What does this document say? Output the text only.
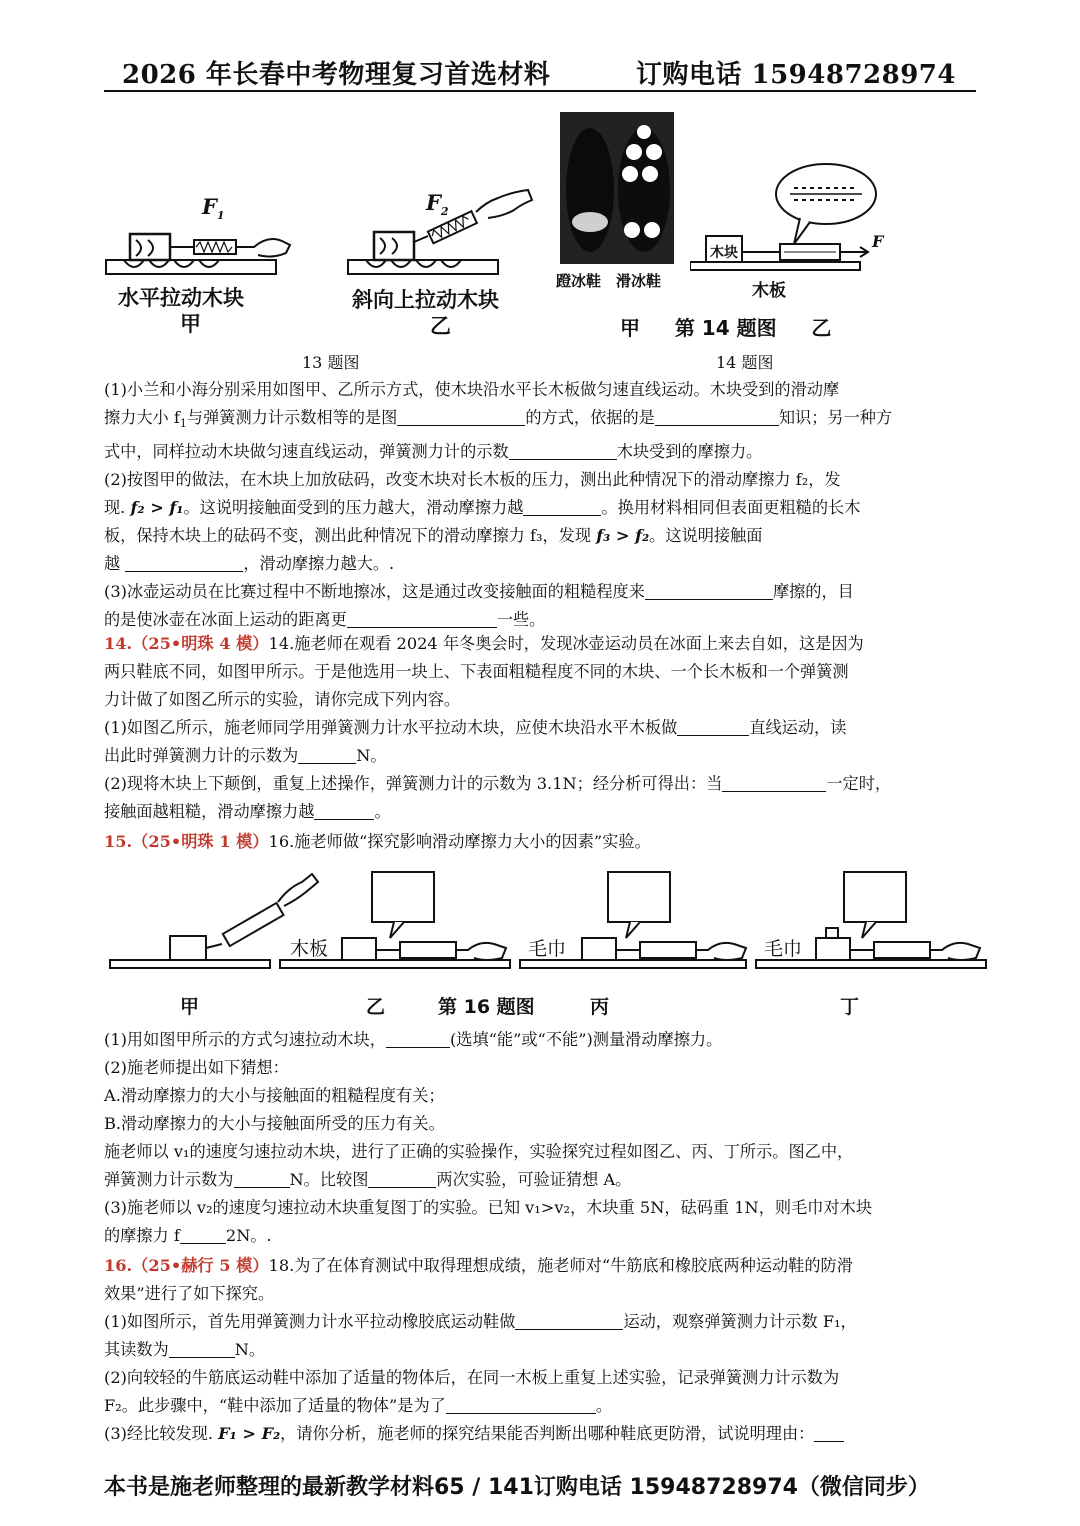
2026 年长春中考物理复习首选材料	订购电话 15948728974
$F_1$
水平拉动木块
甲
$F_2$
斜向上拉动木块
乙
蹬冰鞋 滑冰鞋
木块
F
木板
甲     第 14 题图     乙
13 题图	14 题图
(1)小兰和小海分别采用如图甲、乙所示方式，使木块沿水平长木板做匀速直线运动。木块受到的滑动摩
擦力大小 $f_1$与弹簧测力计示数相等的是图	的方式，依据的是	知识；另一种方
式中，同样拉动木块做匀速直线运动，弹簧测力计的示数	木块受到的摩擦力。
(2)按图甲的做法，在木块上加放砝码，改变木块对长木板的压力，测出此种情况下的滑动摩擦力 f₂，发
现. f₂ > f₁。这说明接触面受到的压力越大，滑动摩擦力越	。换用材料相同但表面更粗糙的长木
板，保持木块上的砝码不变，测出此种情况下的滑动摩擦力 f₃，发现 f₃ > f₂。这说明接触面
越	，滑动摩擦力越大。.
(3)冰壶运动员在比赛过程中不断地擦冰，这是通过改变接触面的粗糙程度来	摩擦的，目
的是使冰壶在冰面上运动的距离更	一些。
14.（25•明珠 4 模）14.施老师在观看 2024 年冬奥会时，发现冰壶运动员在冰面上来去自如，这是因为
两只鞋底不同，如图甲所示。于是他选用一块上、下表面粗糙程度不同的木块、一个长木板和一个弹簧测
力计做了如图乙所示的实验，请你完成下列内容。
(1)如图乙所示，施老师同学用弹簧测力计水平拉动木块，应使木块沿水平木板做	直线运动，读
出此时弹簧测力计的示数为	N。
(2)现将木块上下颠倒，重复上述操作，弹簧测力计的示数为 3.1N；经分析可得出：当	一定时，
接触面越粗糙，滑动摩擦力越	。
15.（25•明珠 1 模）16.施老师做“探究影响滑动摩擦力大小的因素”实验。
木板	毛巾	毛巾
甲	乙	第 16 题图	丙	丁
(1)用如图甲所示的方式匀速拉动木块，	(选填“能”或“不能”)测量滑动摩擦力。
(2)施老师提出如下猜想：
A.滑动摩擦力的大小与接触面的粗糙程度有关；
B.滑动摩擦力的大小与接触面所受的压力有关。
施老师以 v₁的速度匀速拉动木块，进行了正确的实验操作，实验探究过程如图乙、丙、丁所示。图乙中，
弹簧测力计示数为	N。比较图	两次实验，可验证猜想 A。
(3)施老师以 v₂的速度匀速拉动木块重复图丁的实验。已知 v₁>v₂，木块重 5N，砝码重 1N，则毛巾对木块
的摩擦力 f	2N。.
16.（25•赫行 5 模）18.为了在体育测试中取得理想成绩，施老师对“牛筋底和橡胶底两种运动鞋的防滑
效果”进行了如下探究。
(1)如图所示，首先用弹簧测力计水平拉动橡胶底运动鞋做	运动，观察弹簧测力计示数 F₁，
其读数为	N。
(2)向较轻的牛筋底运动鞋中添加了适量的物体后，在同一木板上重复上述实验，记录弹簧测力计示数为
F₂。此步骤中，“鞋中添加了适量的物体”是为了	。
(3)经比较发现. F₁ > F₂，请你分析，施老师的探究结果能否判断出哪种鞋底更防滑，试说明理由：
本书是施老师整理的最新教学材料65 / 141订购电话 15948728974（微信同步）
